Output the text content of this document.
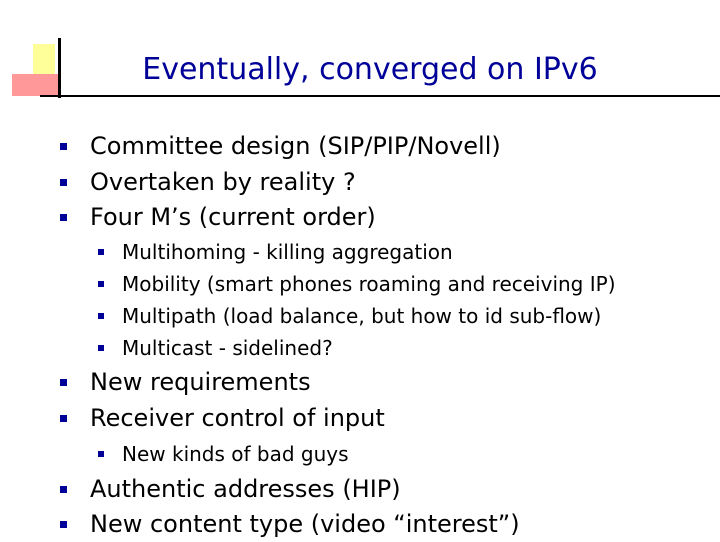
Eventually, converged on IPv6
Committee design (SIP/PIP/Novell)
Overtaken by reality ?
Four M’s (current order)
Multihoming - killing aggregation
Mobility (smart phones roaming and receiving IP)
Multipath (load balance, but how to id sub-flow)
Multicast - sidelined?
New requirements
Receiver control of input
New kinds of bad guys
Authentic addresses (HIP)
New content type (video “interest”)
